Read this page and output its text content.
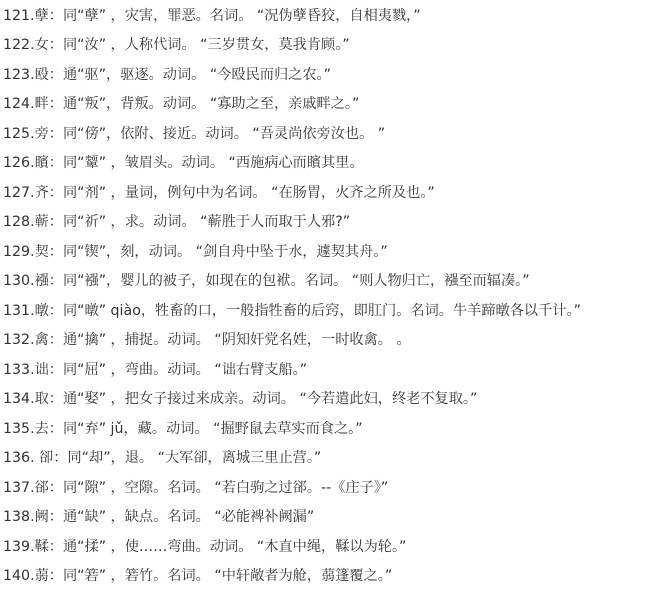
121.孽：同“孽” ，灾害，罪恶。名词。 “况伪孽昏狡，自相夷戮，”
122.女：同“汝” ，人称代词。 “三岁贯女，莫我肯顾。”
123.殴：通“驱”，驱逐。动词。 “今殴民而归之农。”
124.畔：通“叛”，背叛。动词。 “寡助之至，亲戚畔之。”
125.旁：同“傍”，依附、接近。动词。 “吾灵尚依旁汝也。 ”
126.矉：同“颦” ，皱眉头。动词。 “西施病心而矉其里。
127.齐：同“剂” ，量词，例句中为名词。 “在肠胃，火齐之所及也。”
128.蕲：同“祈” ，求。动词。 “蕲胜于人而取于人邪?”
129.契：同“锲”，刻，动词。 “剑自舟中坠于水，遽契其舟。”
130.襁：同“襁”，婴儿的被子，如现在的包袱。名词。 “则人物归亡，襁至而辐凑。”
131.暾：同“暾” qiào，牲畜的口，一般指牲畜的后窍，即肛门。名词。牛羊蹄暾各以千计。”
132.禽：通“擒” ，捕捉。动词。 “阴知奸党名姓，一时收禽。 。
133.诎：同“屈” ，弯曲。动词。 “诎右臂支船。”
134.取：通“娶” ，把女子接过来成亲。动词。 “今若遣此妇，终老不复取。”
135.去：同“弃” jǔ，藏。动词。 “掘野鼠去草实而食之。”
136. 卻：同“却”，退。 “大军卻，离城三里止营。”
137.郤：同“隙” ，空隙。名词。 “若白驹之过郤。--《庄子》”
138.阙：通“缺” ，缺点。名词。 “必能裨补阙漏”
139.鞣：通“揉” ，使……弯曲。动词。 “木直中绳，鞣以为轮。”
140.蒻：同“箬” ，箬竹。名词。 “中轩敞者为舱，蒻篷覆之。”
